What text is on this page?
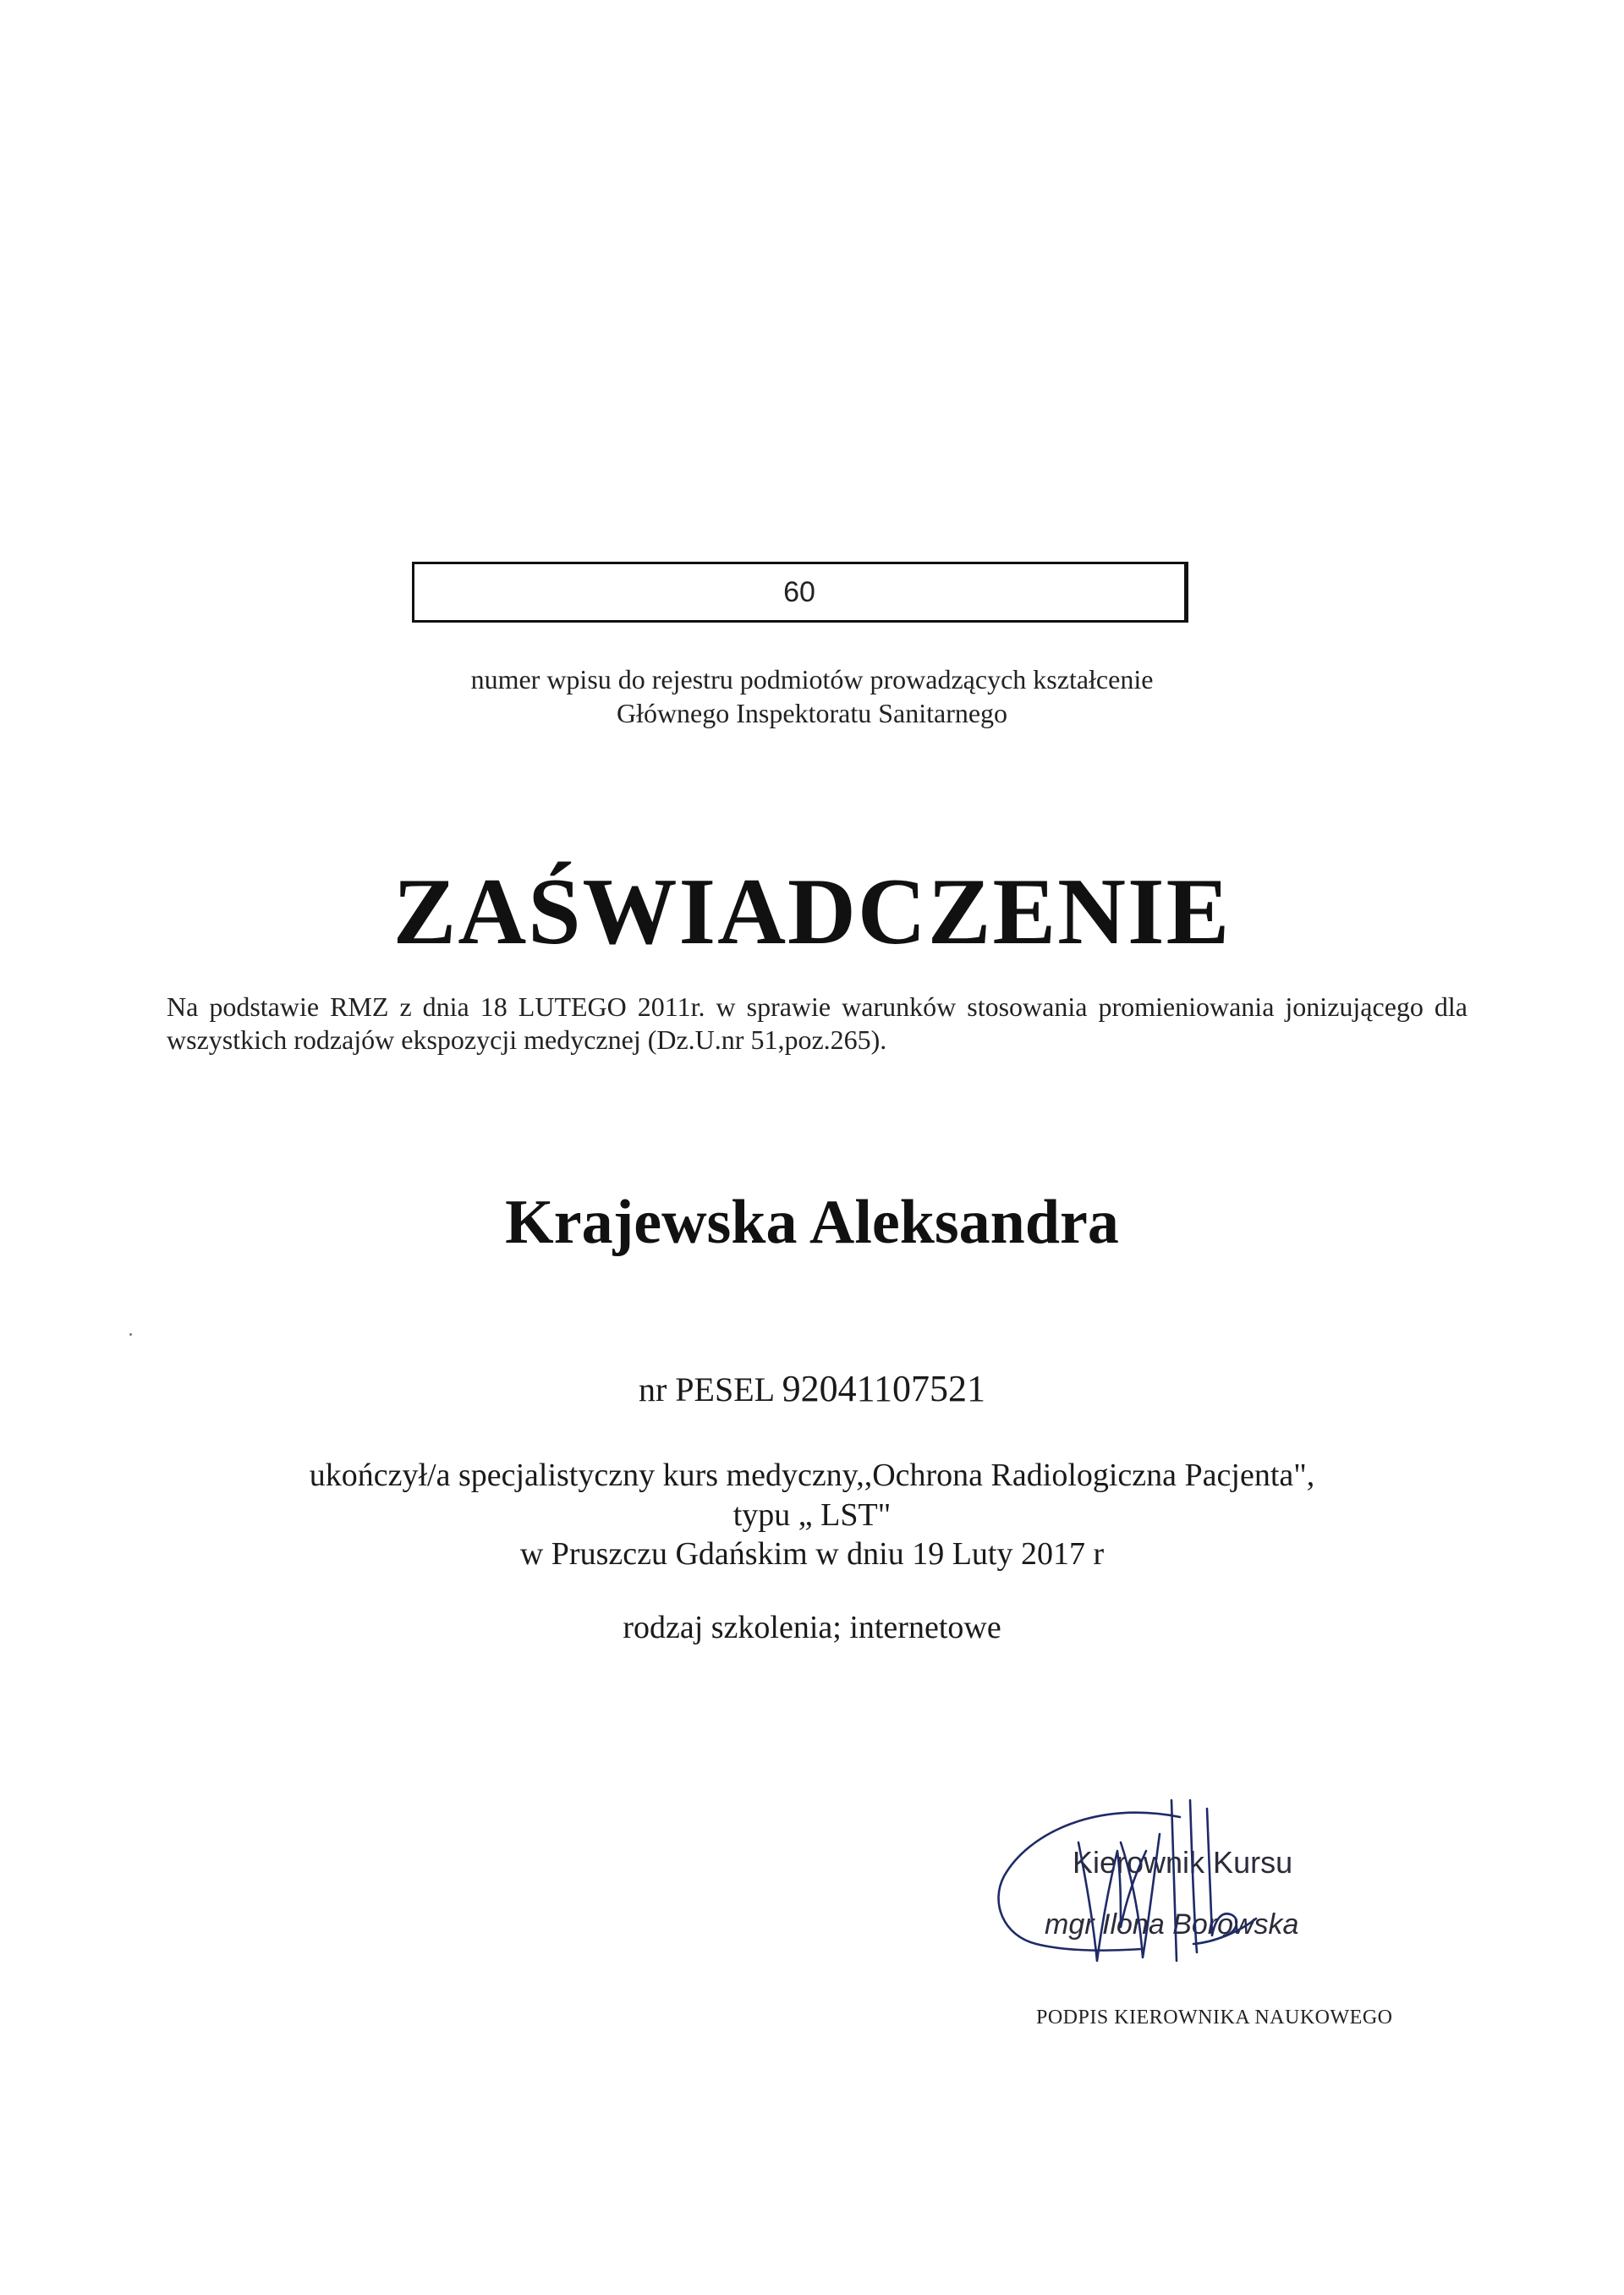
60
numer wpisu do rejestru podmiotów prowadzących kształcenie
Głównego Inspektoratu Sanitarnego
ZAŚWIADCZENIE
Na podstawie RMZ z dnia 18 LUTEGO 2011r. w sprawie warunków stosowania promieniowania jonizującego dla
wszystkich rodzajów ekspozycji medycznej (Dz.U.nr 51,poz.265).
Krajewska Aleksandra
nr PESEL 92041107521
ukończył/a specjalistyczny kurs medyczny,,Ochrona Radiologiczna Pacjenta",
typu „ LST"
w Pruszczu Gdańskim w dniu 19 Luty 2017 r
rodzaj szkolenia; internetowe
Kierownik Kursu
mgr Ilona Borowska
PODPIS KIEROWNIKA NAUKOWEGO
